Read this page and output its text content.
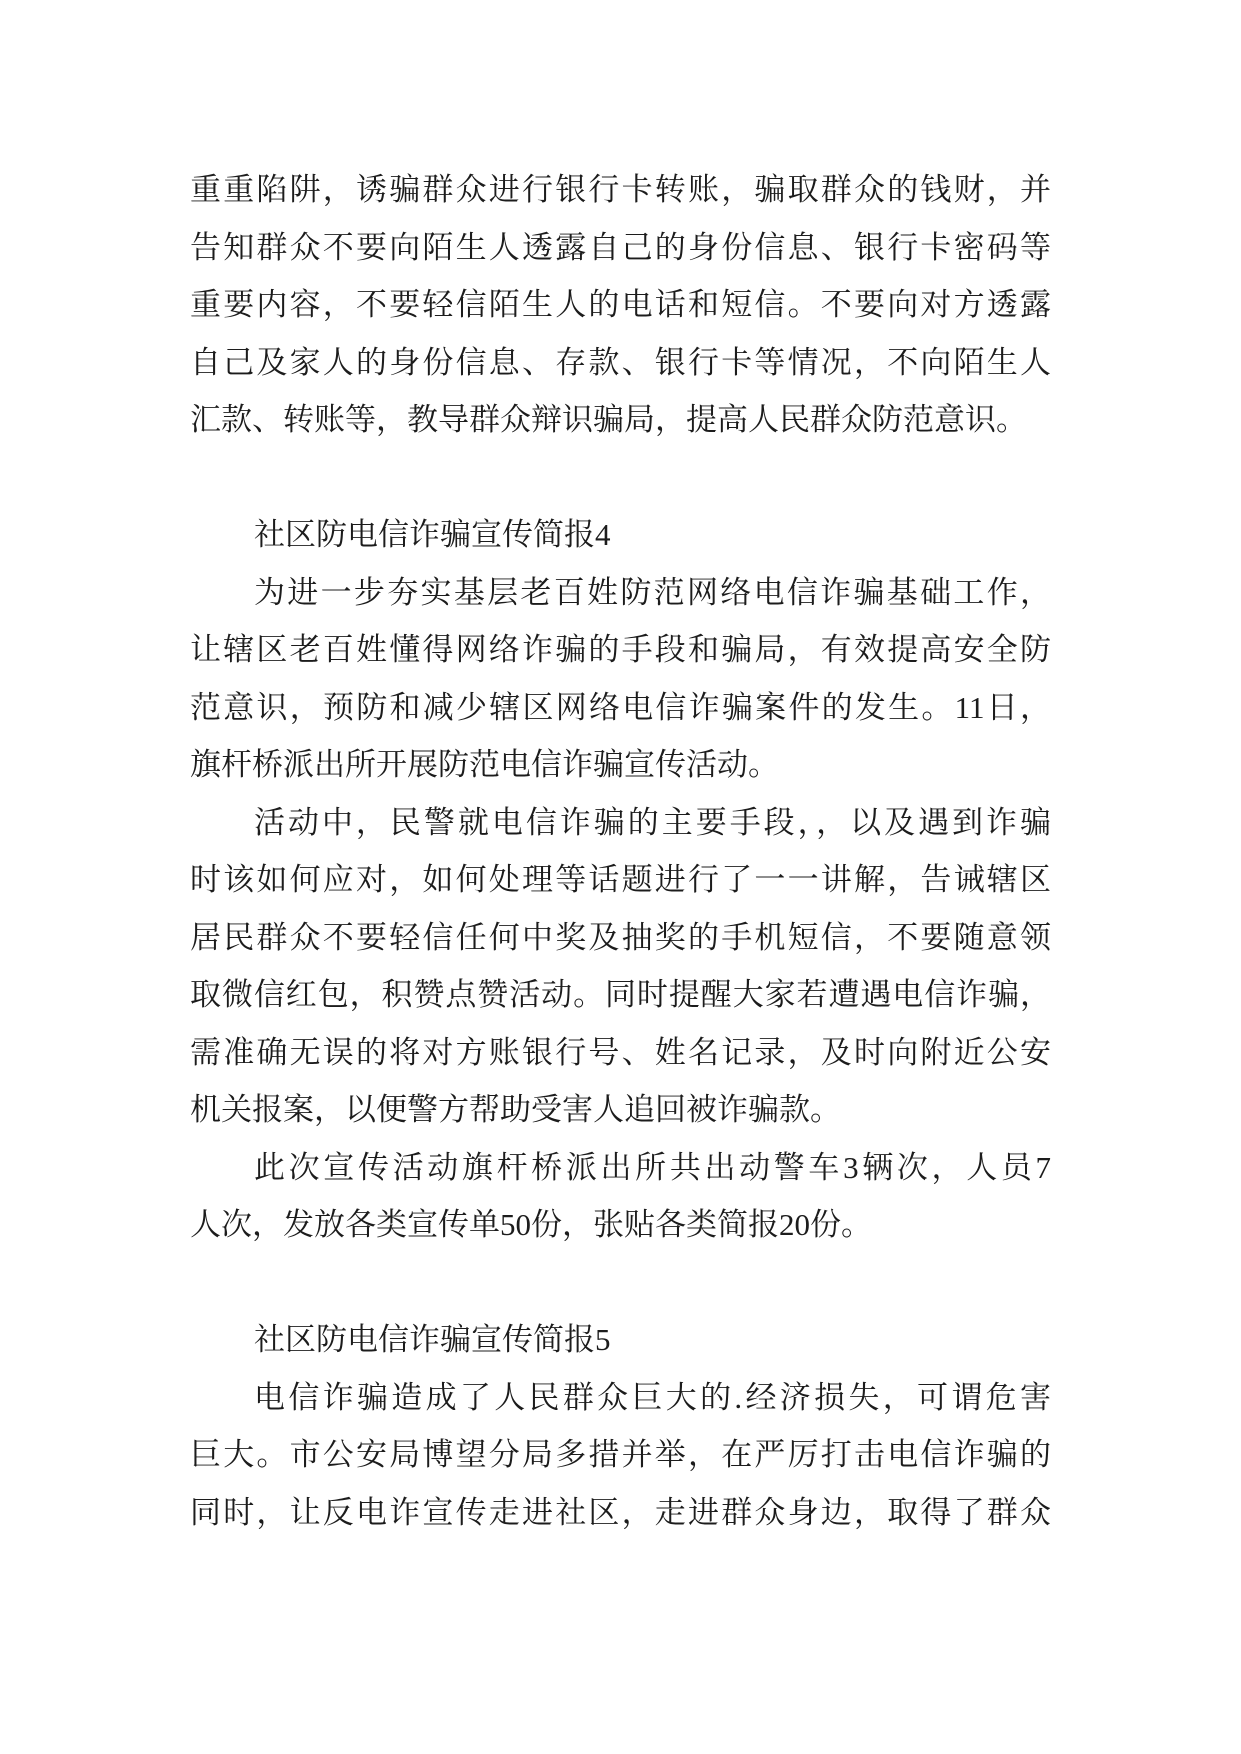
重重陷阱，诱骗群众进行银行卡转账，骗取群众的钱财，并
告知群众不要向陌生人透露自己的身份信息、银行卡密码等
重要内容，不要轻信陌生人的电话和短信。不要向对方透露
自己及家人的身份信息、存款、银行卡等情况，不向陌生人
汇款、转账等，教导群众辩识骗局，提高人民群众防范意识。
社区防电信诈骗宣传简报4
为进一步夯实基层老百姓防范网络电信诈骗基础工作，
让辖区老百姓懂得网络诈骗的手段和骗局，有效提高安全防
范意识，预防和减少辖区网络电信诈骗案件的发生。11日，
旗杆桥派出所开展防范电信诈骗宣传活动。
活动中，民警就电信诈骗的主要手段，，以及遇到诈骗
时该如何应对，如何处理等话题进行了一一讲解，告诫辖区
居民群众不要轻信任何中奖及抽奖的手机短信，不要随意领
取微信红包，积赞点赞活动。同时提醒大家若遭遇电信诈骗，
需准确无误的将对方账银行号、姓名记录，及时向附近公安
机关报案，以便警方帮助受害人追回被诈骗款。
此次宣传活动旗杆桥派出所共出动警车3辆次，人员7
人次，发放各类宣传单50份，张贴各类简报20份。
社区防电信诈骗宣传简报5
电信诈骗造成了人民群众巨大的.经济损失，可谓危害
巨大。市公安局博望分局多措并举，在严厉打击电信诈骗的
同时，让反电诈宣传走进社区，走进群众身边，取得了群众
